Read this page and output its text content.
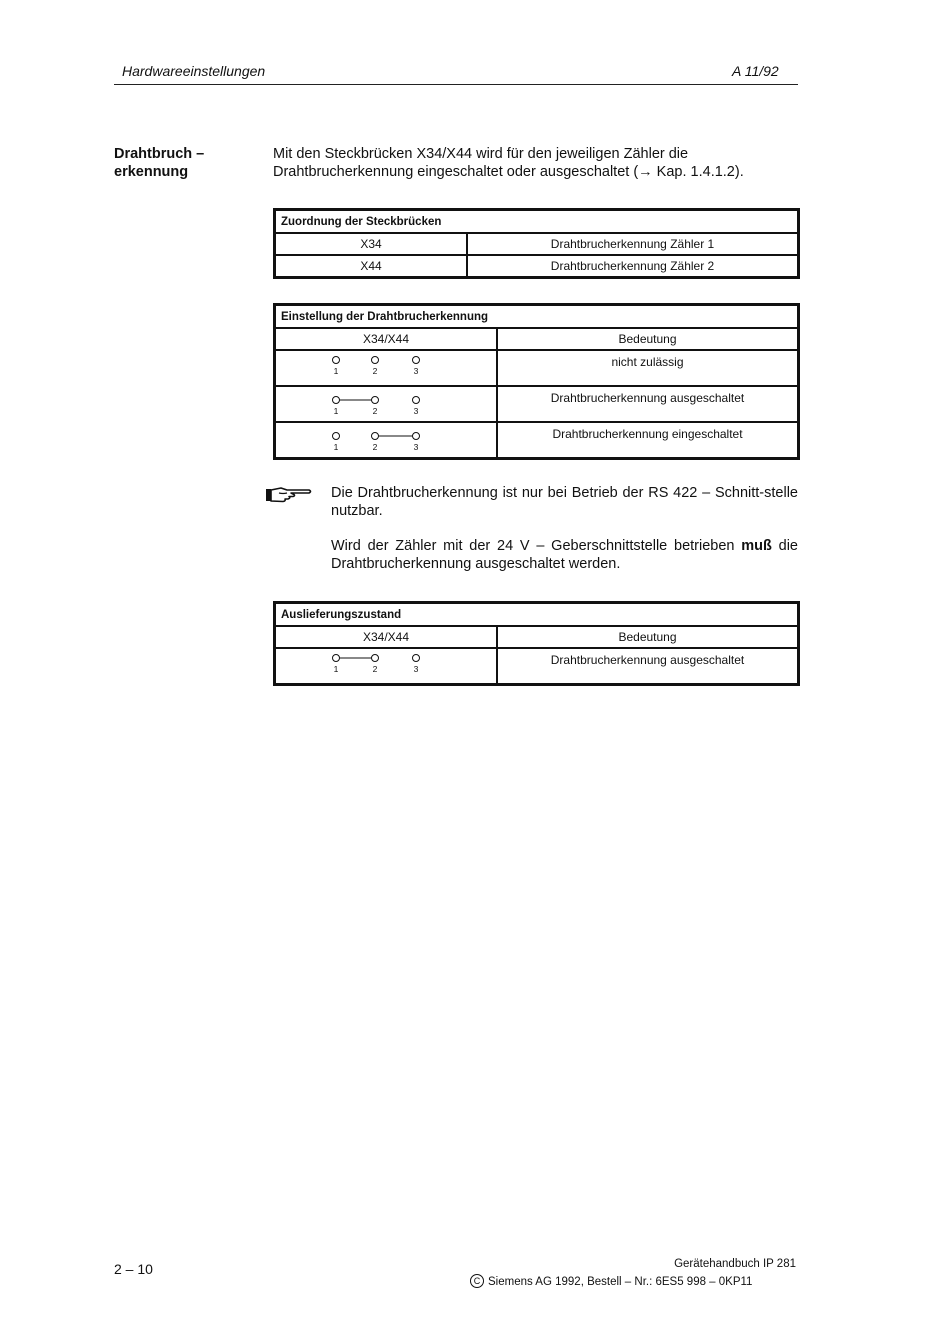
Hardwareeinstellungen	A 11/92
Drahtbruch –
erkennung
Mit den Steckbrücken X34/X44 wird für den jeweiligen Zähler die Drahtbrucherkennung eingeschaltet oder ausgeschaltet (→ Kap. 1.4.1.2).
Zuordnung der Steckbrücken	
X34	Drahtbrucherkennung Zähler 1
X44	Drahtbrucherkennung Zähler 2
Einstellung der Drahtbrucherkennung	
X34/X44	Bedeutung

1 2 3	nicht zulässig

1 2 3	Drahtbrucherkennung ausgeschaltet

1 2 3	Drahtbrucherkennung eingeschaltet
Die Drahtbrucherkennung ist nur bei Betrieb der RS 422 – Schnitt-stelle nutzbar.
Wird der Zähler mit der 24 V – Geberschnittstelle betrieben muß die Drahtbrucherkennung ausgeschaltet werden.
Auslieferungszustand	
X34/X44	Bedeutung

1 2 3	Drahtbrucherkennung ausgeschaltet
2 – 10	Gerätehandbuch IP 281
C Siemens AG 1992, Bestell – Nr.: 6ES5 998 – 0KP11
